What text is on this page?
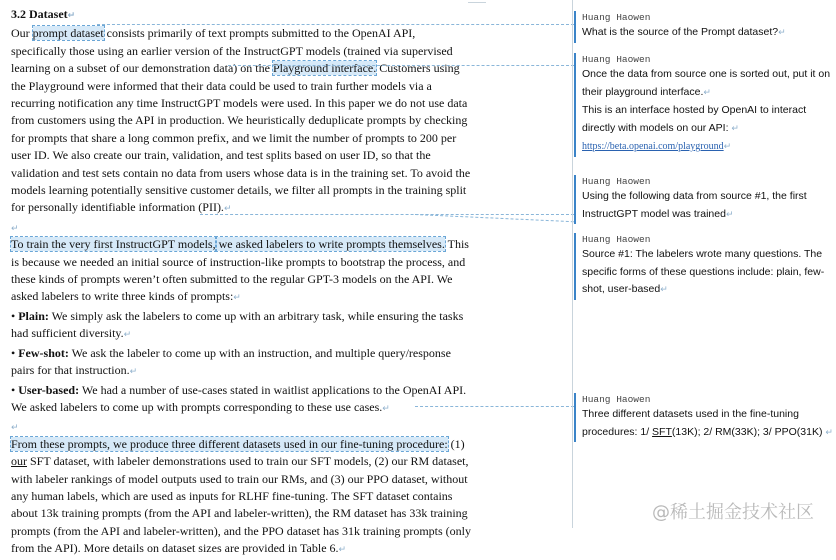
3.2 Dataset↵

Our prompt dataset consists primarily of text prompts submitted to the OpenAI API, specifically those using an earlier version of the InstructGPT models (trained via supervised learning on a subset of our demonstration data) on the Playground interface. Customers using the Playground were informed that their data could be used to train further models via a recurring notification any time InstructGPT models were used. In this paper we do not use data from customers using the API in production. We heuristically deduplicate prompts by checking for prompts that share a long common prefix, and we limit the number of prompts to 200 per user ID. We also create our train, validation, and test splits based on user ID, so that the validation and test sets contain no data from users whose data is in the training set. To avoid the models learning potentially sensitive customer details, we filter all prompts in the training split for personally identifiable information (PII).↵

↵

To train the very first InstructGPT models, we asked labelers to write prompts themselves. This is because we needed an initial source of instruction-like prompts to bootstrap the process, and these kinds of prompts weren’t often submitted to the regular GPT-3 models on the API. We asked labelers to write three kinds of prompts:↵

• Plain: We simply ask the labelers to come up with an arbitrary task, while ensuring the tasks had sufficient diversity.↵

• Few-shot: We ask the labeler to come up with an instruction, and multiple query/response pairs for that instruction.↵

• User-based: We had a number of use-cases stated in waitlist applications to the OpenAI API. We asked labelers to come up with prompts corresponding to these use cases.↵

↵

From these prompts, we produce three different datasets used in our fine-tuning procedure: (1) our SFT dataset, with labeler demonstrations used to train our SFT models, (2) our RM dataset, with labeler rankings of model outputs used to train our RMs, and (3) our PPO dataset, without any human labels, which are used as inputs for RLHF fine-tuning. The SFT dataset contains about 13k training prompts (from the API and labeler-written), the RM dataset has 33k training prompts (from the API and labeler-written), and the PPO dataset has 31k training prompts (only from the API). More details on dataset sizes are provided in Table 6.↵

Huang Haowen
What is the source of the Prompt dataset?↵
Huang Haowen
Once the data from source one is sorted out, put it on their playground interface.↵
This is an interface hosted by OpenAI to interact directly with models on our API: ↵
https://beta.openai.com/playground↵
Huang Haowen
Using the following data from source #1, the first InstructGPT model was trained↵
Huang Haowen
Source #1: The labelers wrote many questions. The specific forms of these questions include: plain, few-shot, user-based↵
Huang Haowen
Three different datasets used in the fine-tuning procedures: 1/ SFT(13K); 2/ RM(33K); 3/ PPO(31K) ↵
@稀土掘金技术社区
